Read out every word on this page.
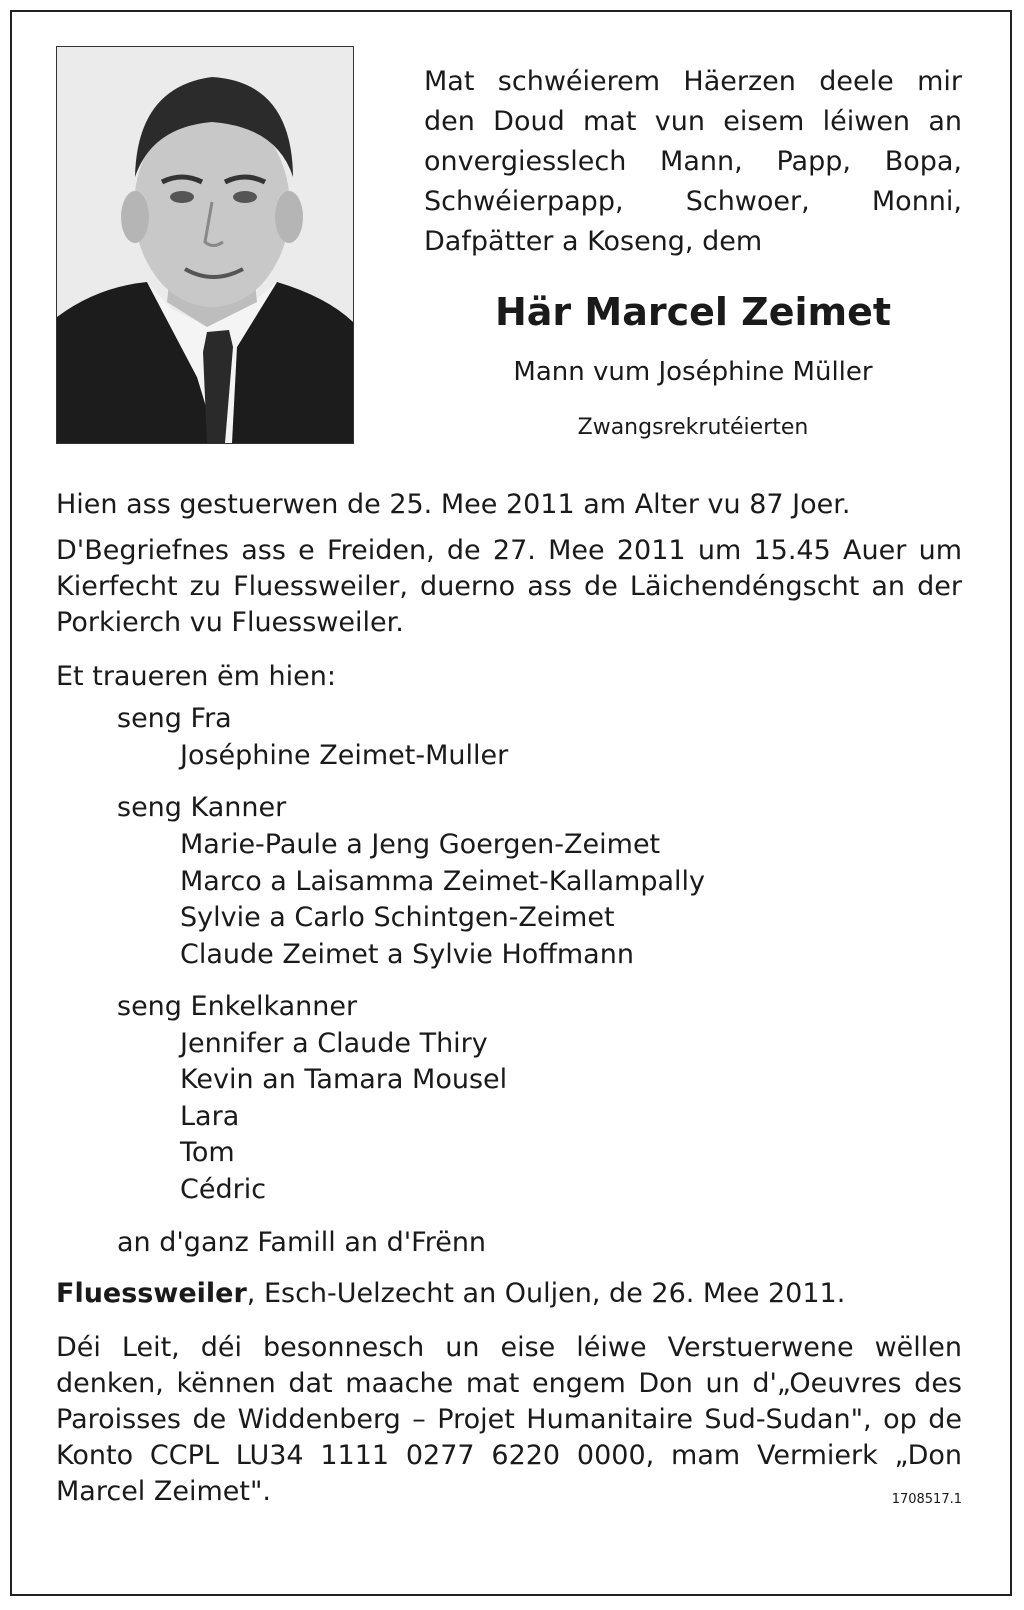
Mat schwéierem Häerzen deele mir den Doud mat vun eisem léiwen an onvergiesslech Mann, Papp, Bopa, Schwéierpapp, Schwoer, Monni, Dafpätter a Koseng, dem

Här Marcel Zeimet

Mann vum Joséphine Müller

Zwangsrekrutéierten

Hien ass gestuerwen de 25. Mee 2011 am Alter vu 87 Joer.

D'Begriefnes ass e Freiden, de 27. Mee 2011 um 15.45 Auer um Kierfecht zu Fluessweiler, duerno ass de Läichendéngscht an der Porkierch vu Fluessweiler.

Et traueren ëm hien:

seng Fra
Joséphine Zeimet-Muller
seng Kanner
Marie-Paule a Jeng Goergen-Zeimet
Marco a Laisamma Zeimet-Kallampally
Sylvie a Carlo Schintgen-Zeimet
Claude Zeimet a Sylvie Hoffmann
seng Enkelkanner
Jennifer a Claude Thiry
Kevin an Tamara Mousel
Lara
Tom
Cédric
an d'ganz Famill an d'Frënn

Fluessweiler, Esch-Uelzecht an Ouljen, de 26. Mee 2011.

Déi Leit, déi besonnesch un eise léiwe Verstuerwene wëllen denken, kënnen dat maache mat engem Don un d'„Oeuvres des Paroisses de Widdenberg – Projet Humanitaire Sud-Sudan", op de Konto CCPL LU34 1111 0277 6220 0000, mam Vermierk „Don Marcel Zeimet".	1708517.1
